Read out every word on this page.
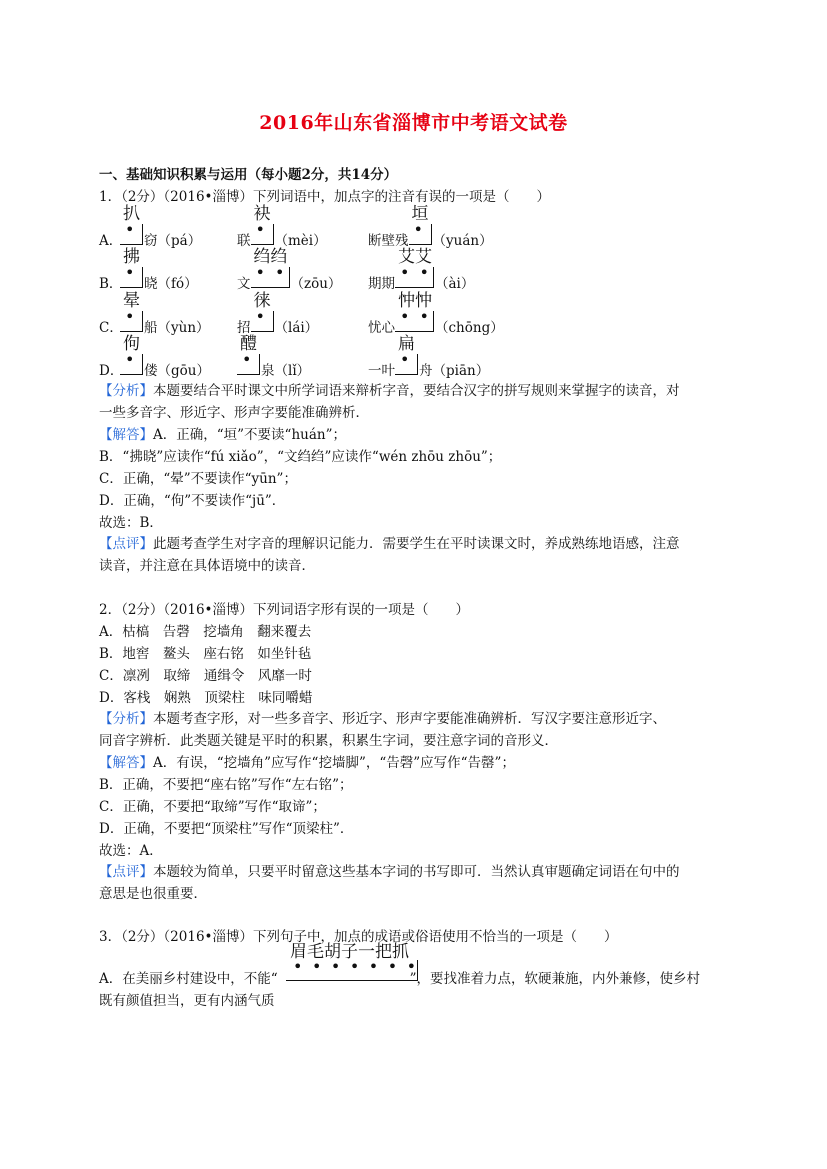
2016年山东省淄博市中考语文试卷
一、基础知识积累与运用（每小题2分，共14分）
1．（2分）（2016•淄博）下列词语中，加点字的注音有误的一项是（　　）
A．
扒
•
窃（pá）	联
袂
•
（mèi）	断壁残
垣
•
（yuán）
B．
拂
•
晓（fó）	文
绉绉
••
（zōu） 期期
艾艾
••
（ài）
C．
晕
•
船（yùn） 招
徕
•
（lái）	忧心
忡忡
••
（chōng）
D．
佝
•
偻（gōu）
醴
•
泉（lǐ）	一叶
扁
•
舟（piān）
【分析】本题要结合平时课文中所学词语来辩析字音，要结合汉字的拼写规则来掌握字的读音，对
一些多音字、形近字、形声字要能准确辨析．
【解答】A．正确，“垣”不要读“huán”；
B．“拂晓”应读作“fú xiǎo”，“文绉绉”应读作“wén zhōu zhōu”；
C．正确，“晕”不要读作“yūn”；
D．正确，“佝”不要读作“jū”．
故选：B．
【点评】此题考查学生对字音的理解识记能力．需要学生在平时读课文时，养成熟练地语感，注意
读音，并注意在具体语境中的读音．
2．（2分）（2016•淄博）下列词语字形有误的一项是（　　）
A．枯槁　告磬　挖墙角　翻来覆去
B．地窖　鳌头　座右铭　如坐针毡
C．凛冽　取缔　通缉令　风靡一时
D．客栈　娴熟　顶梁柱　味同嚼蜡
【分析】本题考查字形，对一些多音字、形近字、形声字要能准确辨析．写汉字要注意形近字、
同音字辨析．此类题关键是平时的积累，积累生字词，要注意字词的音形义．
【解答】A．有误，“挖墙角”应写作“挖墙脚”，“告磬”应写作“告罄”；
B．正确，不要把“座右铭”写作“左右铭”；
C．正确，不要把“取缔”写作“取谛”；
D．正确，不要把“顶梁柱”写作“顶梁柱”．
故选：A．
【点评】本题较为简单，只要平时留意这些基本字词的书写即可．当然认真审题确定词语在句中的
意思是也很重要．
3．（2分）（2016•淄博）下列句子中，加点的成语或俗语使用不恰当的一项是（　　）
眉毛胡子一把抓
•••••••
A．在美丽乡村建设中，不能“	”，要找准着力点，软硬兼施，内外兼修，使乡村
既有颜值担当，更有内涵气质
